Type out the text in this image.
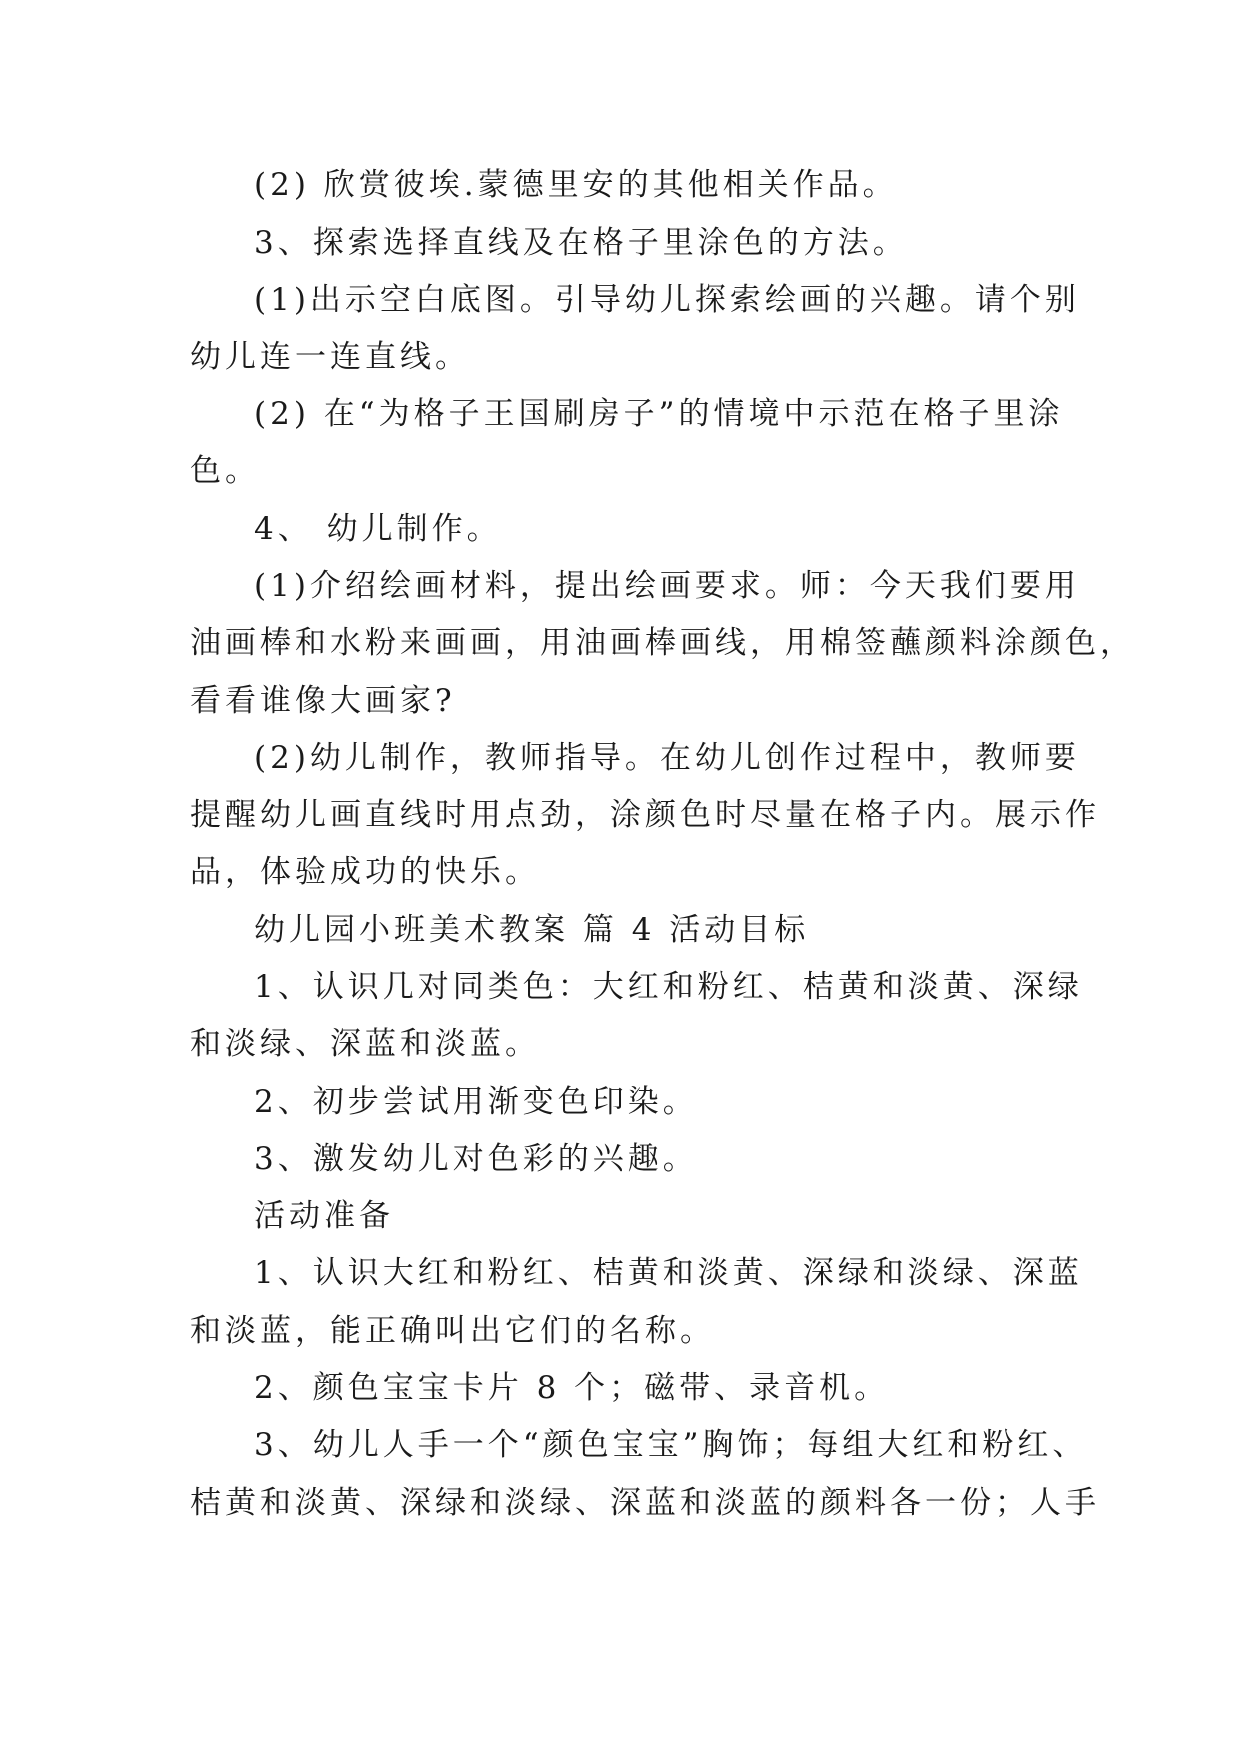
(2) 欣赏彼埃.蒙德里安的其他相关作品。
3、探索选择直线及在格子里涂色的方法。
(1)出示空白底图。引导幼儿探索绘画的兴趣。请个别
幼儿连一连直线。
(2) 在“为格子王国刷房子”的情境中示范在格子里涂
色。
4、 幼儿制作。
(1)介绍绘画材料，提出绘画要求。师：今天我们要用
油画棒和水粉来画画，用油画棒画线，用棉签蘸颜料涂颜色，
看看谁像大画家?
(2)幼儿制作，教师指导。在幼儿创作过程中，教师要
提醒幼儿画直线时用点劲，涂颜色时尽量在格子内。展示作
品，体验成功的快乐。
幼儿园小班美术教案 篇 4 活动目标
1、认识几对同类色：大红和粉红、桔黄和淡黄、深绿
和淡绿、深蓝和淡蓝。
2、初步尝试用渐变色印染。
3、激发幼儿对色彩的兴趣。
活动准备
1、认识大红和粉红、桔黄和淡黄、深绿和淡绿、深蓝
和淡蓝，能正确叫出它们的名称。
2、颜色宝宝卡片 8 个；磁带、录音机。
3、幼儿人手一个“颜色宝宝”胸饰；每组大红和粉红、
桔黄和淡黄、深绿和淡绿、深蓝和淡蓝的颜料各一份；人手
